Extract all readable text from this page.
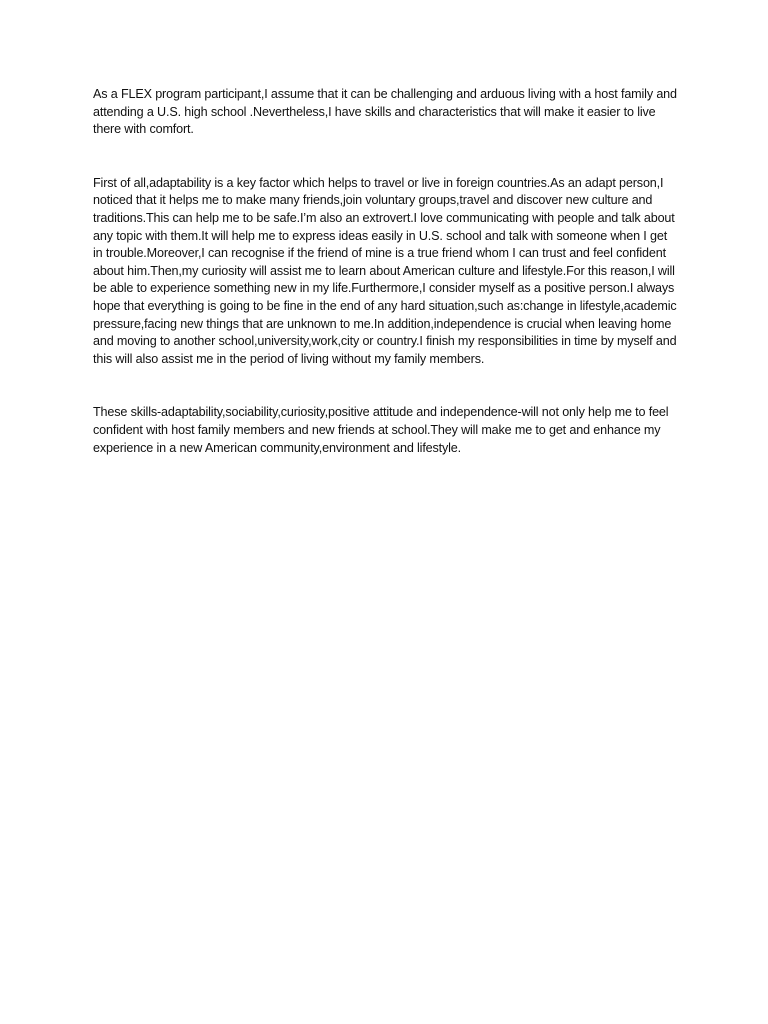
As a FLEX program participant,I assume that it can be challenging and arduous living with a host family and attending a U.S. high school .Nevertheless,I have skills and characteristics that will make it easier to live there with comfort.

First of all,adaptability is a key factor which helps to travel or live in foreign countries.As an adapt person,I noticed that it helps me to make many friends,join voluntary groups,travel and discover new culture and traditions.This can help me to be safe.I’m also an extrovert.I love communicating with people and talk about any topic with them.It will help me to express ideas easily in U.S. school and talk with someone when I get in trouble.Moreover,I can recognise if the friend of mine is a true friend whom I can trust and feel confident about him.Then,my curiosity will assist me to learn about American culture and lifestyle.For this reason,I will be able to experience something new in my life.Furthermore,I consider myself as a positive person.I always hope that everything is going to be fine in the end of any hard situation,such as:change in lifestyle,academic pressure,facing new things that are unknown to me.In addition,independence is crucial when leaving home and moving to another school,university,work,city or country.I finish my responsibilities in time by myself and this will also assist me in the period of living without my family members.

These skills-adaptability,sociability,curiosity,positive attitude and independence-will not only help me to feel confident with host family members and new friends at school.They will make me to get and enhance my experience in a new American community,environment and lifestyle.
